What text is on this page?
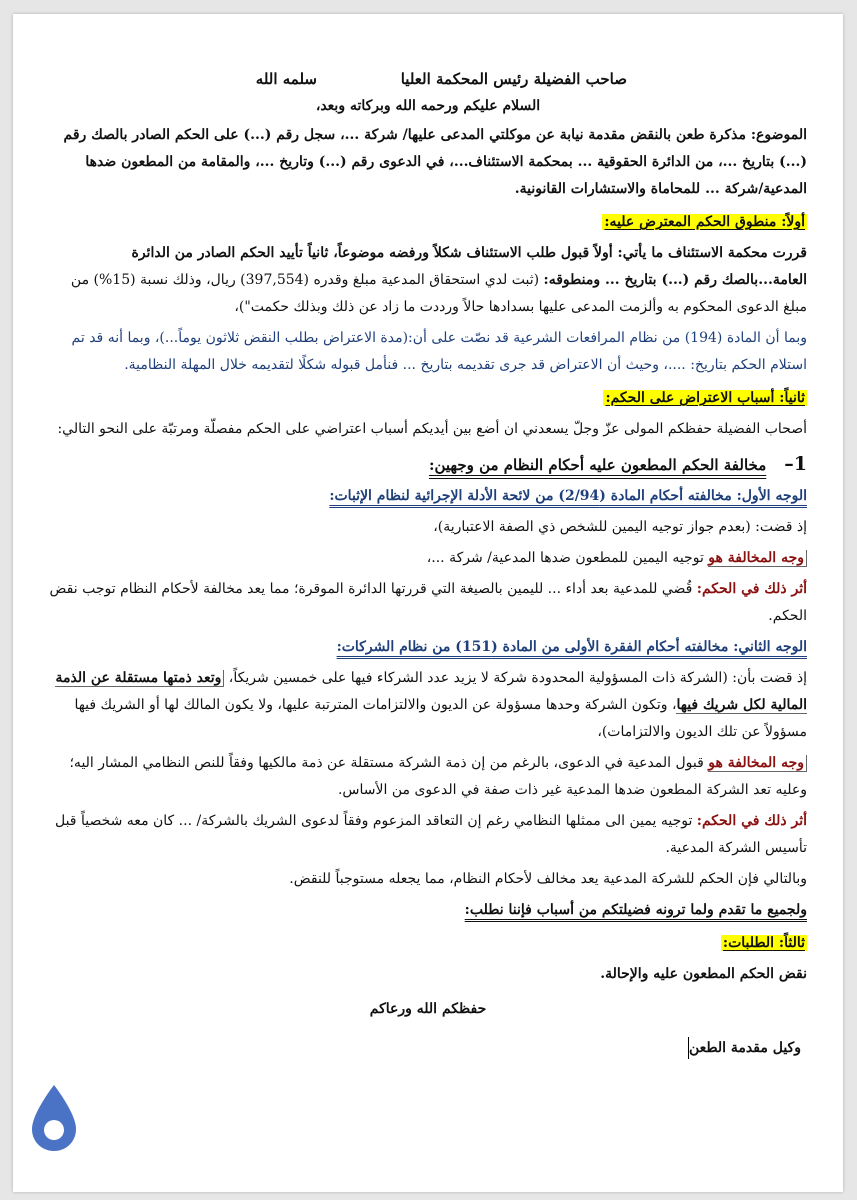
صاحب الفضيلة رئيس المحكمة العليا
سلمه الله
السلام عليكم ورحمه الله وبركاته وبعد،
الموضوع: مذكرة طعن بالنقض مقدمة نيابة عن موكلتي المدعى عليها/ شركة ...، سجل رقم (...) على الحكم الصادر بالصك رقم (...) بتاريخ ...، من الدائرة الحقوقية ... بمحكمة الاستئناف...، في الدعوى رقم (...) وتاريخ ...، والمقامة من المطعون ضدها المدعية/شركة ... للمحاماة والاستشارات القانونية.
أولاً: منطوق الحكم المعترض عليه:
قررت محكمة الاستئناف ما يأتي: أولاً قبول طلب الاستئناف شكلاً ورفضه موضوعاً، ثانياً تأييد الحكم الصادر من الدائرة العامة...بالصك رقم (...) بتاريخ ... ومنطوقه: (ثبت لدي استحقاق المدعية مبلغ وقدره (397,554) ريال، وذلك نسبة (15%) من مبلغ الدعوى المحكوم به وألزمت المدعى عليها بسدادها حالاً ورددت ما زاد عن ذلك وبذلك حكمت")،
وبما أن المادة (194) من نظام المرافعات الشرعية قد نصّت على أن:(مدة الاعتراض بطلب النقض ثلاثون يوماً...)، وبما أنه قد تم استلام الحكم بتاريخ: ....، وحيث أن الاعتراض قد جرى تقديمه بتاريخ ... فنأمل قبوله شكلًا لتقديمه خلال المهلة النظامية.
ثانياً: أسباب الاعتراض على الحكم:
أصحاب الفضيلة حفظكم المولى عزّ وجلّ يسعدني ان أضع بين أيديكم أسباب اعتراضي على الحكم مفصلّة ومرتبّة على النحو التالي:
1–مخالفة الحكم المطعون عليه أحكام النظام من وجهين:
الوجه الأول: مخالفته أحكام المادة (2/94) من لائحة الأدلة الإجرائية لنظام الإثبات:
إذ قضت: (بعدم جواز توجيه اليمين للشخص ذي الصفة الاعتبارية)،
وجه المخالفة هو توجيه اليمين للمطعون ضدها المدعية/ شركة ...،
أثر ذلك في الحكم: قُضي للمدعية بعد أداء ... لليمين بالصيغة التي قررتها الدائرة الموقرة؛ مما يعد مخالفة لأحكام النظام توجب نقض الحكم.
الوجه الثاني: مخالفته أحكام الفقرة الأولى من المادة (151) من نظام الشركات:
إذ قضت بأن: (الشركة ذات المسؤولية المحدودة شركة لا يزيد عدد الشركاء فيها على خمسين شريكاً، وتعد ذمتها مستقلة عن الذمة المالية لكل شريك فيها، وتكون الشركة وحدها مسؤولة عن الديون والالتزامات المترتبة عليها، ولا يكون المالك لها أو الشريك فيها مسؤولاً عن تلك الديون والالتزامات)،
وجه المخالفة هو قبول المدعية في الدعوى، بالرغم من إن ذمة الشركة مستقلة عن ذمة مالكيها وفقاً للنص النظامي المشار اليه؛ وعليه تعد الشركة المطعون ضدها المدعية غير ذات صفة في الدعوى من الأساس.
أثر ذلك في الحكم: توجيه يمين الى ممثلها النظامي رغم إن التعاقد المزعوم وفقاً لدعوى الشريك بالشركة/ ... كان معه شخصياً قبل تأسيس الشركة المدعية.
وبالتالي فإن الحكم للشركة المدعية يعد مخالف لأحكام النظام، مما يجعله مستوجباً للنقض.
ولجميع ما تقدم ولما ترونه فضيلتكم من أسباب فإننا نطلب:
ثالثاً: الطلبات:
نقض الحكم المطعون عليه والإحالة.
حفظكم الله ورعاكم
وكيل مقدمة الطعن
